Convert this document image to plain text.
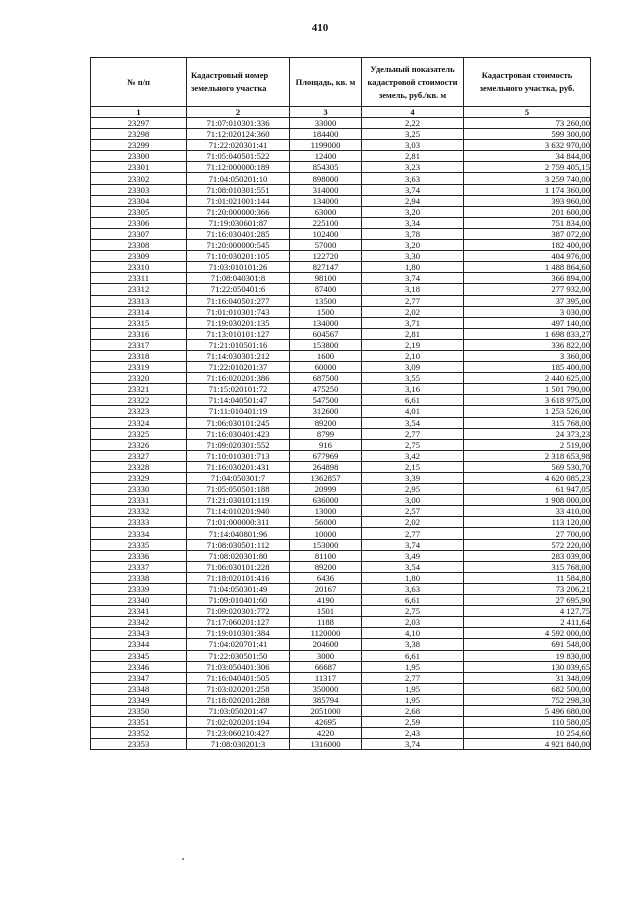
410
№ п/п	Кадастровый номер земельного участка	Площадь, кв. м	Удельный показатель кадастровой стоимости земель, руб./кв. м	Кадастровая стоимость земельного участка, руб.
1	2	3	4	5
23297	71:07:010301:336	33000	2,22	73 260,00
23298	71:12:020124:360	184400	3,25	599 300,00
23299	71:22:020301:41	1199000	3,03	3 632 970,00
23300	71:05:040501:522	12400	2,81	34 844,00
23301	71:12:000000:189	854305	3,23	2 759 405,15
23302	71:04:050201:10	898000	3,63	3 259 740,00
23303	71:08:010301:551	314000	3,74	1 174 360,00
23304	71:01:021001:144	134000	2,94	393 960,00
23305	71:20:000000:366	63000	3,20	201 600,00
23306	71:19:030601:87	225100	3,34	751 834,00
23307	71:16:030401:285	102400	3,78	387 072,00
23308	71:20:000000:545	57000	3,20	182 400,00
23309	71:10:030201:105	122720	3,30	404 976,00
23310	71:03:010101:26	827147	1,80	1 488 864,60
23311	71:08:040301:8	98100	3,74	366 894,00
23312	71:22:050401:6	87400	3,18	277 932,00
23313	71:16:040501:277	13500	2,77	37 395,00
23314	71:01:010301:743	1500	2,02	3 030,00
23315	71:19:030201:135	134000	3,71	497 140,00
23316	71:13:010101:127	604567	2,81	1 698 833,27
23317	71:21:010501:16	153800	2,19	336 822,00
23318	71:14:030301:212	1600	2,10	3 360,00
23319	71:22:010201:37	60000	3,09	185 400,00
23320	71:16:020201:386	687500	3,55	2 440 625,00
23321	71:15:020101:72	475250	3,16	1 501 790,00
23322	71:14:040501:47	547500	6,61	3 618 975,00
23323	71:11:010401:19	312600	4,01	1 253 526,00
23324	71:06:030101:245	89200	3,54	315 768,00
23325	71:16:030401:423	8799	2,77	24 373,23
23326	71:09:020301:552	916	2,75	2 519,00
23327	71:10:010301:713	677969	3,42	2 318 653,98
23328	71:16:030201:431	264898	2,15	569 530,70
23329	71:04:050301:7	1362857	3,39	4 620 085,23
23330	71:05:050501:188	20999	2,95	61 947,05
23331	71:21:030101:119	636000	3,00	1 908 000,00
23332	71:14:010201:940	13000	2,57	33 410,00
23333	71:01:000000:311	56000	2,02	113 120,00
23334	71:14:040801:96	10000	2,77	27 700,00
23335	71:08:030501:112	153000	3,74	572 220,00
23336	71:08:020301:80	81100	3,49	283 039,00
23337	71:06:030101:228	89200	3,54	315 768,00
23338	71:18:020101:416	6436	1,80	11 584,80
23339	71:04:050301:49	20167	3,63	73 206,21
23340	71:09:010401:60	4190	6,61	27 695,90
23341	71:09:020301:772	1501	2,75	4 127,75
23342	71:17:060201:127	1188	2,03	2 411,64
23343	71:19:010301:384	1120000	4,10	4 592 000,00
23344	71:04:020701:41	204600	3,38	691 548,00
23345	71:22:030501:50	3000	6,61	19 830,00
23346	71:03:050401:306	66687	1,95	130 039,65
23347	71:16:040401:505	11317	2,77	31 348,09
23348	71:03:020201:258	350000	1,95	682 500,00
23349	71:18:020201:288	385794	1,95	752 298,30
23350	71:03:050201:47	2051000	2,68	5 496 680,00
23351	71:02:020201:194	42695	2,59	110 580,05
23352	71:23:060210:427	4220	2,43	10 254,60
23353	71:08:030201:3	1316000	3,74	4 921 840,00
